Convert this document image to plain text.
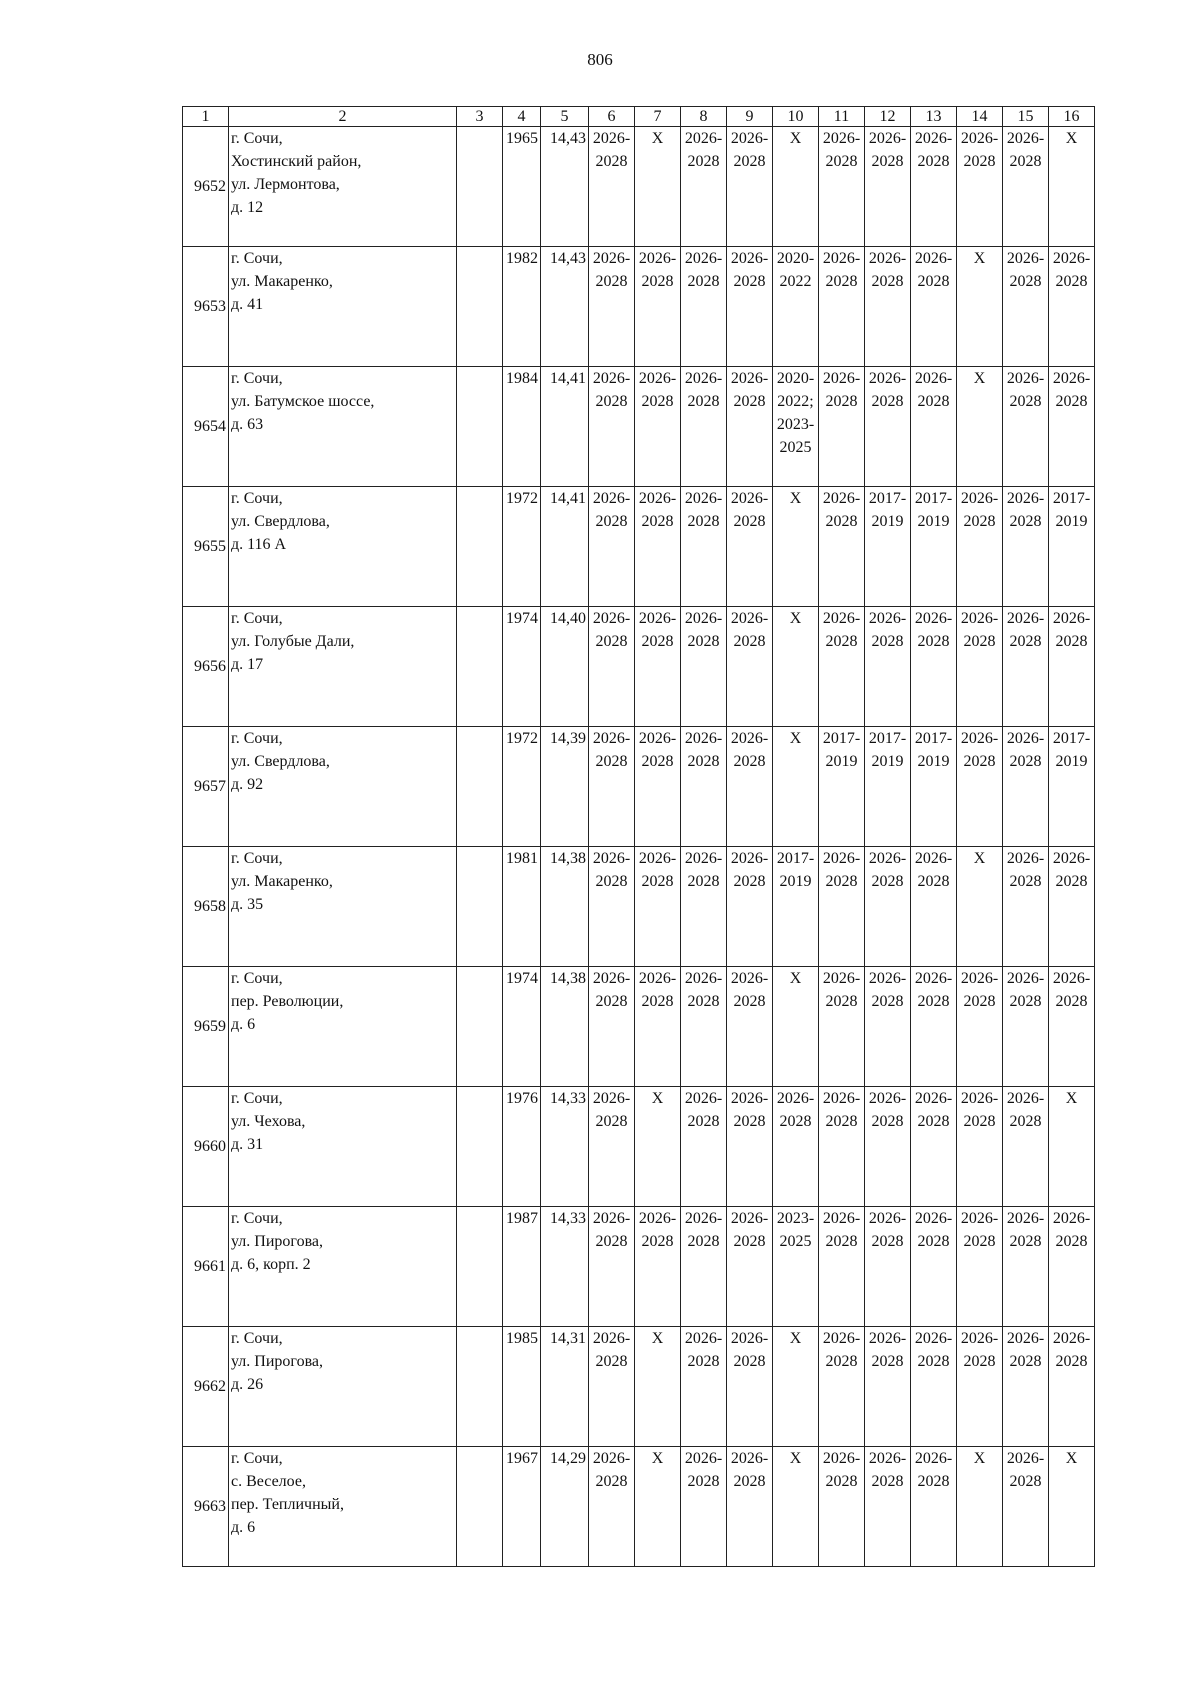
806
1	2	3	4	5	6	7	8	9	10	11	12	13	14	15	16
9652	г. Сочи,
Хостинский район,
ул. Лермонтова,
д. 12		1965	14,43	2026-
2028	Х	2026-
2028	2026-
2028	Х	2026-
2028	2026-
2028	2026-
2028	2026-
2028	2026-
2028	Х
9653	г. Сочи,
ул. Макаренко,
д. 41		1982	14,43	2026-
2028	2026-
2028	2026-
2028	2026-
2028	2020-
2022	2026-
2028	2026-
2028	2026-
2028	Х	2026-
2028	2026-
2028
9654	г. Сочи,
ул. Батумское шоссе,
д. 63		1984	14,41	2026-
2028	2026-
2028	2026-
2028	2026-
2028	2020-
2022;
2023-
2025	2026-
2028	2026-
2028	2026-
2028	Х	2026-
2028	2026-
2028
9655	г. Сочи,
ул. Свердлова,
д. 116 А		1972	14,41	2026-
2028	2026-
2028	2026-
2028	2026-
2028	Х	2026-
2028	2017-
2019	2017-
2019	2026-
2028	2026-
2028	2017-
2019
9656	г. Сочи,
ул. Голубые Дали,
д. 17		1974	14,40	2026-
2028	2026-
2028	2026-
2028	2026-
2028	Х	2026-
2028	2026-
2028	2026-
2028	2026-
2028	2026-
2028	2026-
2028
9657	г. Сочи,
ул. Свердлова,
д. 92		1972	14,39	2026-
2028	2026-
2028	2026-
2028	2026-
2028	Х	2017-
2019	2017-
2019	2017-
2019	2026-
2028	2026-
2028	2017-
2019
9658	г. Сочи,
ул. Макаренко,
д. 35		1981	14,38	2026-
2028	2026-
2028	2026-
2028	2026-
2028	2017-
2019	2026-
2028	2026-
2028	2026-
2028	Х	2026-
2028	2026-
2028
9659	г. Сочи,
пер. Революции,
д. 6		1974	14,38	2026-
2028	2026-
2028	2026-
2028	2026-
2028	Х	2026-
2028	2026-
2028	2026-
2028	2026-
2028	2026-
2028	2026-
2028
9660	г. Сочи,
ул. Чехова,
д. 31		1976	14,33	2026-
2028	Х	2026-
2028	2026-
2028	2026-
2028	2026-
2028	2026-
2028	2026-
2028	2026-
2028	2026-
2028	Х
9661	г. Сочи,
ул. Пирогова,
д. 6, корп. 2		1987	14,33	2026-
2028	2026-
2028	2026-
2028	2026-
2028	2023-
2025	2026-
2028	2026-
2028	2026-
2028	2026-
2028	2026-
2028	2026-
2028
9662	г. Сочи,
ул. Пирогова,
д. 26		1985	14,31	2026-
2028	Х	2026-
2028	2026-
2028	Х	2026-
2028	2026-
2028	2026-
2028	2026-
2028	2026-
2028	2026-
2028
9663	г. Сочи,
с. Веселое,
пер. Тепличный,
д. 6		1967	14,29	2026-
2028	Х	2026-
2028	2026-
2028	Х	2026-
2028	2026-
2028	2026-
2028	Х	2026-
2028	Х
